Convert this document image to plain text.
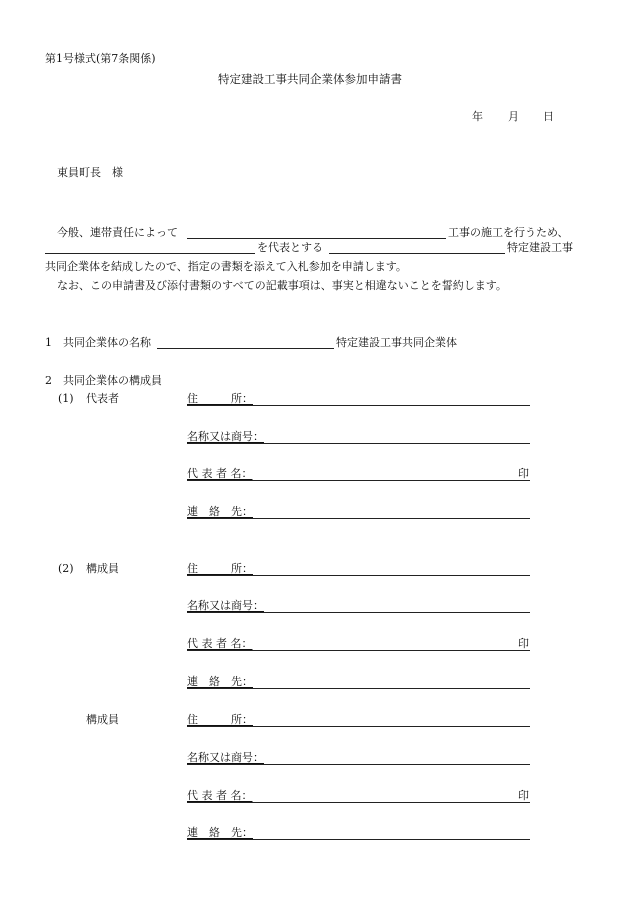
第1号様式(第7条関係)
特定建設工事共同企業体参加申請書
年 月 日
東員町長　様
今般、連帯責任によって	工事の施工を行うため、
を代表とする	特定建設工事
共同企業体を結成したので、指定の書類を添えて入札参加を申請します。
なお、この申請書及び添付書類のすべての記載事項は、事実と相違ないことを誓約します。
1 共同企業体の名称	特定建設工事共同企業体
2 共同企業体の構成員
(1) 代表者	住　　　所：
名称又は商号：
代 表 者 名：	印
連　絡　先：
(2) 構成員	住　　　所：
名称又は商号：
代 表 者 名：	印
連　絡　先：
構成員	住　　　所：
名称又は商号：
代 表 者 名：	印
連　絡　先：
